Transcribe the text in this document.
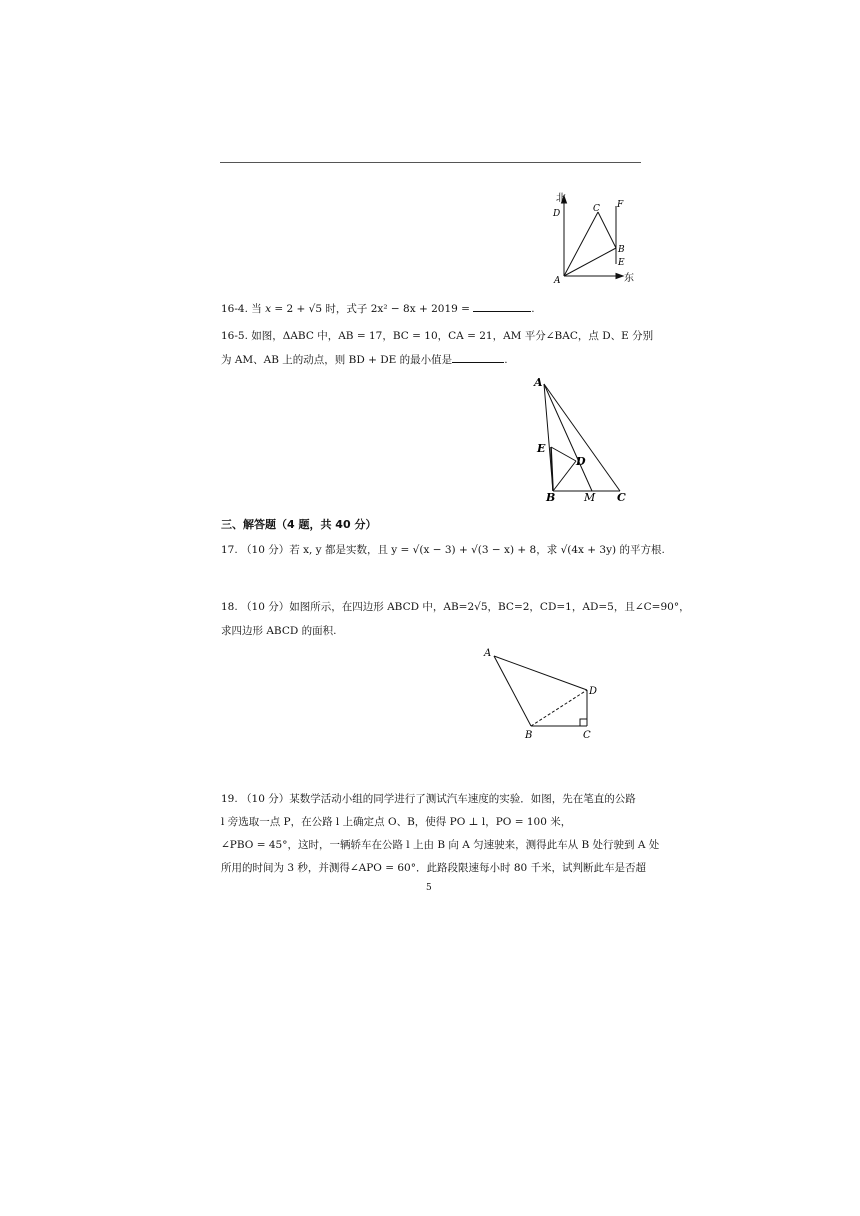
北
D	C F
B
E
A	东
16-4. 当 x = 2 + √5 时，式子 2x² − 8x + 2019 =	.
16-5. 如图，ΔABC 中，AB = 17，BC = 10，CA = 21，AM 平分∠BAC，点 D、E 分别
为 AM、AB 上的动点，则 BD + DE 的最小值是	.
A
E
D
B	M C
三、解答题（4 题，共 40 分）
17. （10 分）若 x, y 都是实数，且 y = √(x − 3) + √(3 − x) + 8，求 √(4x + 3y) 的平方根.
18. （10 分）如图所示，在四边形 ABCD 中，AB=2√5，BC=2，CD=1，AD=5，且∠C=90°，
求四边形 ABCD 的面积.
A
D
B	C
19. （10 分）某数学活动小组的同学进行了测试汽车速度的实验．如图，先在笔直的公路
l 旁选取一点 P，在公路 l 上确定点 O、B，使得 PO ⊥ l，PO = 100 米，
∠PBO = 45°，这时，一辆轿车在公路 l 上由 B 向 A 匀速驶来，测得此车从 B 处行驶到 A 处
所用的时间为 3 秒，并测得∠APO = 60°．此路段限速每小时 80 千米，试判断此车是否超
5
